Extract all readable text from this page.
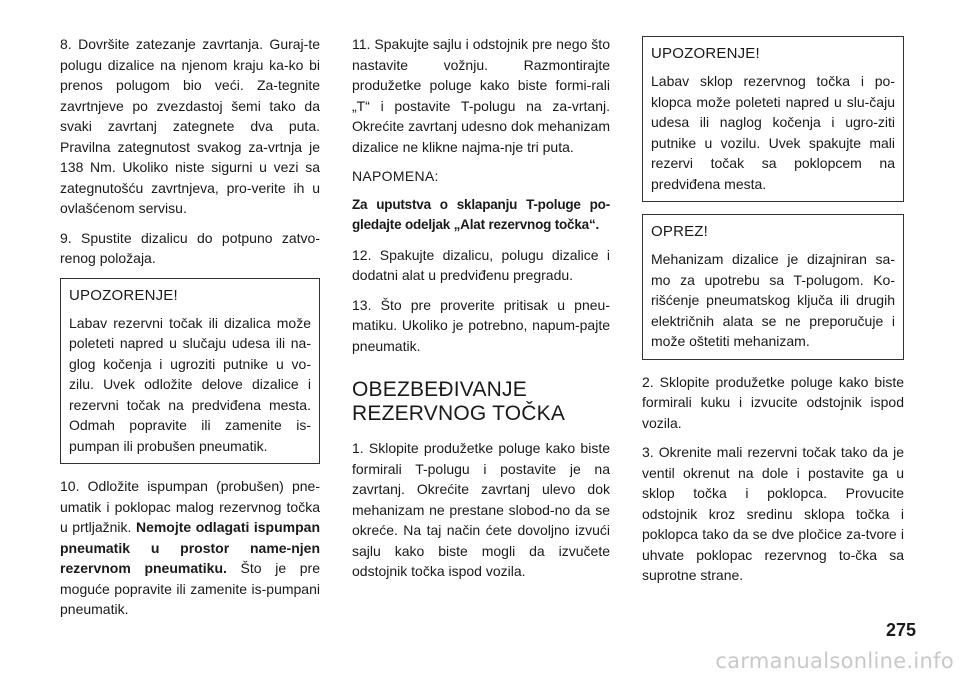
8. Dovršite zatezanje zavrtanja. Guraj-te polugu dizalice na njenom kraju ka-ko bi prenos polugom bio veći. Za-tegnite zavrtnjeve po zvezdastoj šemi tako da svaki zavrtanj zategnete dva puta. Pravilna zategnutost svakog za-vrtnja je 138 Nm. Ukoliko niste sigurni u vezi sa zategnutošću zavrtnjeva, pro-verite ih u ovlašćenom servisu.

9. Spustite dizalicu do potpuno zatvo-renog položaja.

UPOZORENJE!

Labav rezervni točak ili dizalica može poleteti napred u slučaju udesa ili na-glog kočenja i ugroziti putnike u vo-zilu. Uvek odložite delove dizalice i rezervni točak na predviđena mesta. Odmah popravite ili zamenite is-pumpan ili probušen pneumatik.

10. Odložite ispumpan (probušen) pne-umatik i poklopac malog rezervnog točka u prtljažnik. Nemojte odlagati ispumpan pneumatik u prostor name-njen rezervnom pneumatiku. Što je pre moguće popravite ili zamenite is-pumpani pneumatik.

11. Spakujte sajlu i odstojnik pre nego što nastavite vožnju. Razmontirajte produžetke poluge kako biste formi-rali „T“ i postavite T-polugu na za-vrtanj. Okrećite zavrtanj udesno dok mehanizam dizalice ne klikne najma-nje tri puta.

NAPOMENA:

Za uputstva o sklapanju T-poluge po-gledajte odeljak „Alat rezervnog točka“.

12. Spakujte dizalicu, polugu dizalice i dodatni alat u predviđenu pregradu.

13. Što pre proverite pritisak u pneu-matiku. Ukoliko je potrebno, napum-pajte pneumatik.

OBEZBEĐIVANJE
REZERVNOG TOČKA

1. Sklopite produžetke poluge kako biste formirali T-polugu i postavite je na zavrtanj. Okrećite zavrtanj ulevo dok mehanizam ne prestane slobod-no da se okreće. Na taj način ćete dovoljno izvući sajlu kako biste mogli da izvučete odstojnik točka ispod vozila.

UPOZORENJE!

Labav sklop rezervnog točka i po-klopca može poleteti napred u slu-čaju udesa ili naglog kočenja i ugro-ziti putnike u vozilu. Uvek spakujte mali rezervi točak sa poklopcem na predviđena mesta.

OPREZ!

Mehanizam dizalice je dizajniran sa-mo za upotrebu sa T-polugom. Ko-rišćenje pneumatskog ključa ili drugih električnih alata se ne preporučuje i može oštetiti mehanizam.

2. Sklopite produžetke poluge kako biste formirali kuku i izvucite odstojnik ispod vozila.

3. Okrenite mali rezervni točak tako da je ventil okrenut na dole i postavite ga u sklop točka i poklopca. Provucite odstojnik kroz sredinu sklopa točka i poklopca tako da se dve pločice za-tvore i uhvate poklopac rezervnog to-čka sa suprotne strane.

275
carmanualsonline.info
